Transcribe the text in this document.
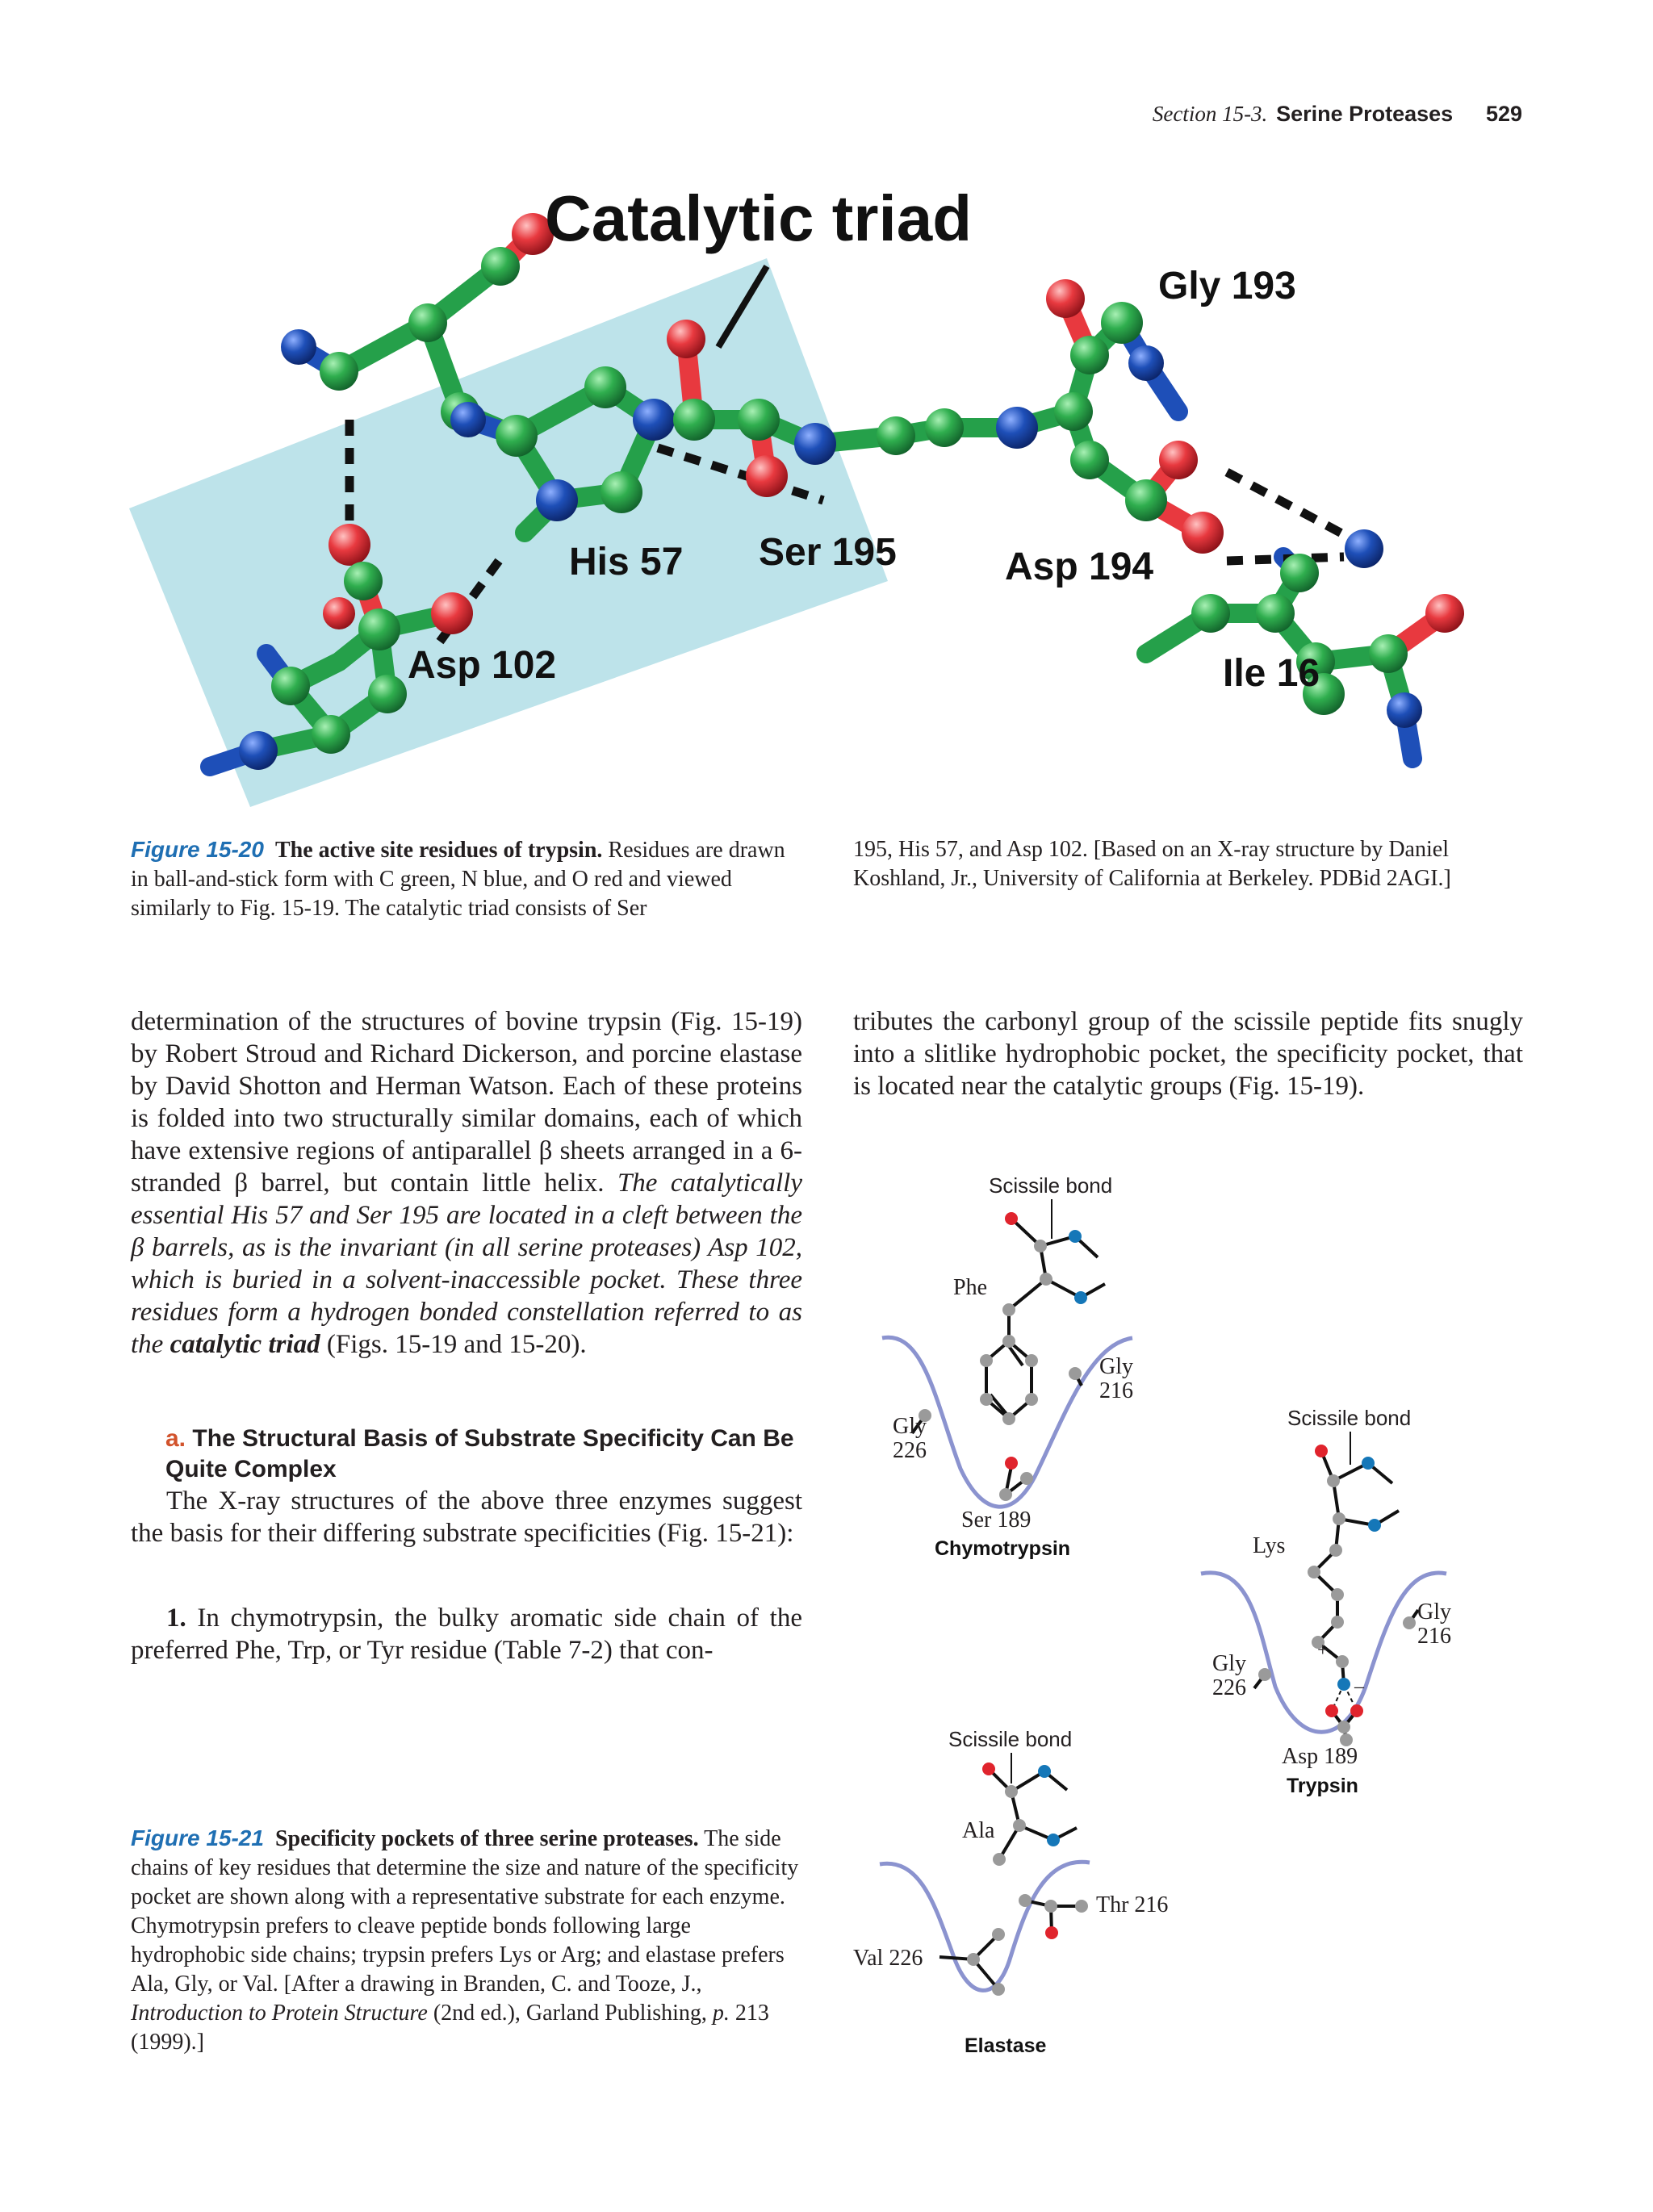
Section 15-3. Serine Proteases 529
Catalytic triad
Gly 193
His 57 Ser 195	Asp 194
Asp 102	Ile 16
Figure 15-20 The active site residues of trypsin. Residues are drawn in ball-and-stick form with C green, N blue, and O red and viewed similarly to Fig. 15-19. The catalytic triad consists of Ser
195, His 57, and Asp 102. [Based on an X-ray structure by Daniel Koshland, Jr., University of California at Berkeley. PDBid 2AGI.]

determination of the structures of bovine trypsin (Fig. 15-19) by Robert Stroud and Richard Dickerson, and porcine elastase by David Shotton and Herman Watson. Each of these proteins is folded into two structurally similar domains, each of which have extensive regions of antiparallel β sheets arranged in a 6-stranded β barrel, but contain little helix. The catalytically essential His 57 and Ser 195 are located in a cleft between the β barrels, as is the invariant (in all serine proteases) Asp 102, which is buried in a solvent-inaccessible pocket. These three residues form a hydrogen bonded constellation referred to as the catalytic triad (Figs. 15-19 and 15-20).

a. The Structural Basis of Substrate Specificity Can Be Quite Complex
The X-ray structures of the above three enzymes suggest the basis for their differing substrate specificities (Fig. 15-21):
1. In chymotrypsin, the bulky aromatic side chain of the preferred Phe, Trp, or Tyr residue (Table 7-2) that con-
tributes the carbonyl group of the scissile peptide fits snugly into a slitlike hydrophobic pocket, the specificity pocket, that is located near the catalytic groups (Fig. 15-19).
Scissile bond
Phe
Gly
216
Gly
226
Ser 189
Chymotrypsin
Scissile bond
Lys
+
–
Gly
216
Gly
226
Asp 189
Trypsin
Scissile bond
Ala
Thr 216
Val 226
Elastase
Figure 15-21 Specificity pockets of three serine proteases. The side chains of key residues that determine the size and nature of the specificity pocket are shown along with a representative substrate for each enzyme. Chymotrypsin prefers to cleave peptide bonds following large hydrophobic side chains; trypsin prefers Lys or Arg; and elastase prefers Ala, Gly, or Val. [After a drawing in Branden, C. and Tooze, J., Introduction to Protein Structure (2nd ed.), Garland Publishing, p. 213 (1999).]
